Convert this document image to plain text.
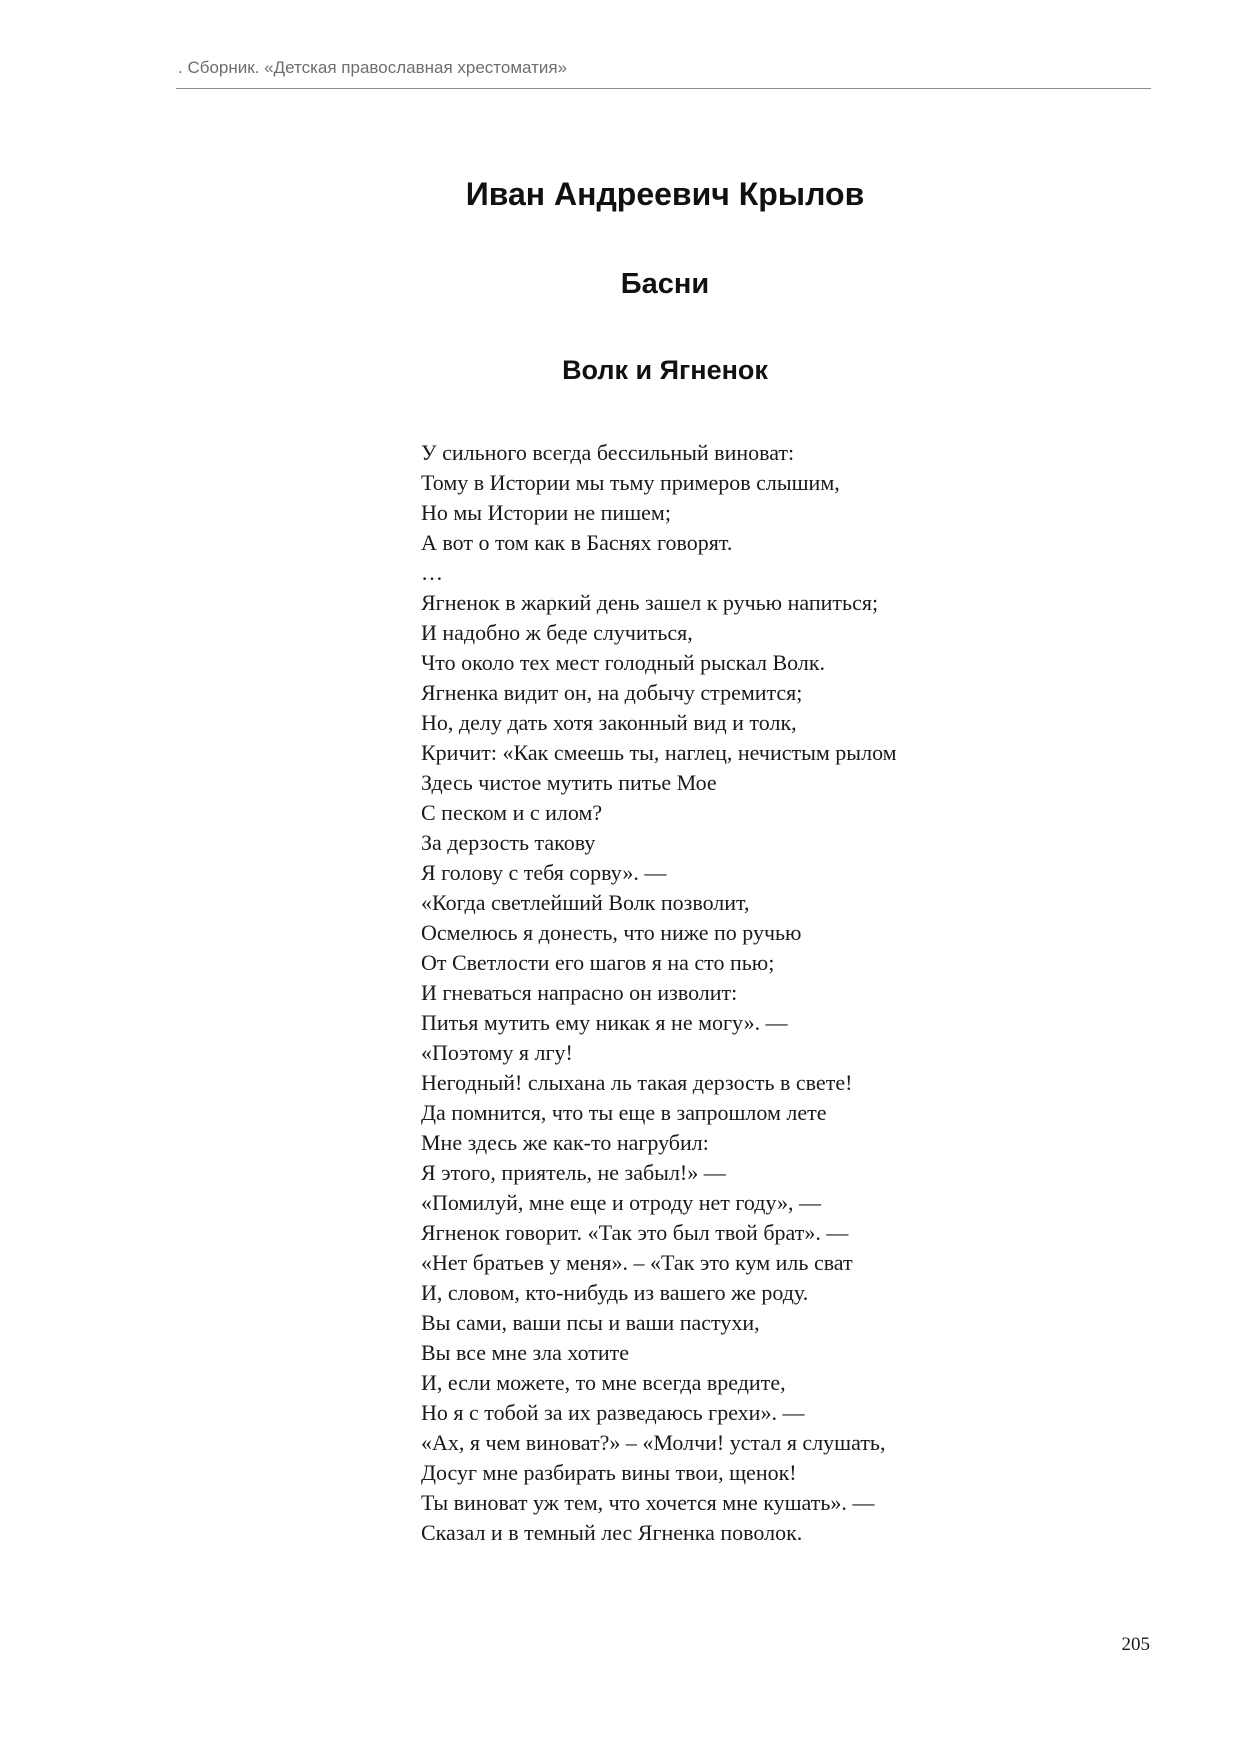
. Сборник. «Детская православная хрестоматия»
Иван Андреевич Крылов
Басни
Волк и Ягненок
У сильного всегда бессильный виноват:
Тому в Истории мы тьму примеров слышим,
Но мы Истории не пишем;
А вот о том как в Баснях говорят.
…
Ягненок в жаркий день зашел к ручью напиться;
И надобно ж беде случиться,
Что около тех мест голодный рыскал Волк.
Ягненка видит он, на добычу стремится;
Но, делу дать хотя законный вид и толк,
Кричит: «Как смеешь ты, наглец, нечистым рылом
Здесь чистое мутить питье Мое
С песком и с илом?
За дерзость такову
Я голову с тебя сорву». —
«Когда светлейший Волк позволит,
Осмелюсь я донесть, что ниже по ручью
От Светлости его шагов я на сто пью;
И гневаться напрасно он изволит:
Питья мутить ему никак я не могу». —
«Поэтому я лгу!
Негодный! слыхана ль такая дерзость в свете!
Да помнится, что ты еще в запрошлом лете
Мне здесь же как-то нагрубил:
Я этого, приятель, не забыл!» —
«Помилуй, мне еще и отроду нет году», —
Ягненок говорит. «Так это был твой брат». —
«Нет братьев у меня». – «Так это кум иль сват
И, словом, кто-нибудь из вашего же роду.
Вы сами, ваши псы и ваши пастухи,
Вы все мне зла хотите
И, если можете, то мне всегда вредите,
Но я с тобой за их разведаюсь грехи». —
«Ах, я чем виноват?» – «Молчи! устал я слушать,
Досуг мне разбирать вины твои, щенок!
Ты виноват уж тем, что хочется мне кушать». —
Сказал и в темный лес Ягненка поволок.
205
